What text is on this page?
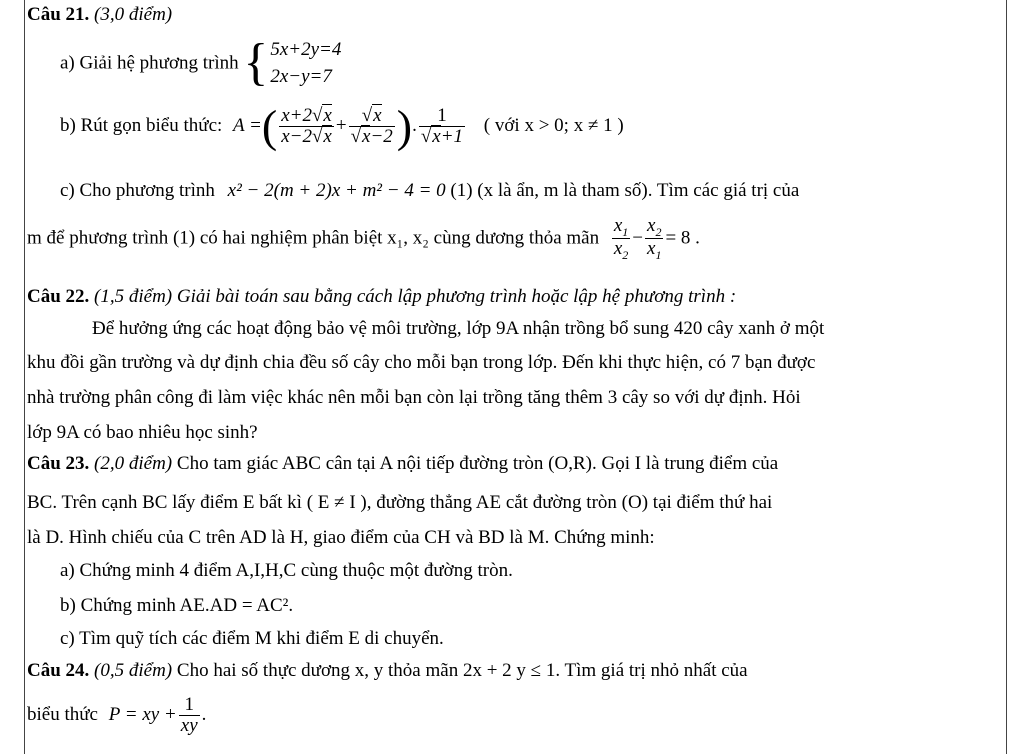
Câu 21. (3,0 điểm)
a) Giải hệ phương trình { 5x+2y=4
2x−y=7
b) Rút gọn biểu thức: A =( $\frac{x+2√x}{x-2√x} + \frac{√x}{√x-2}$ ). $\frac{1}{√x+1}$ ( với x > 0; x ≠ 1 )
c) Cho phương trình x² − 2(m + 2)x + m² − 4 = 0 (1) (x là ẩn, m là tham số). Tìm các giá trị của
m để phương trình (1) có hai nghiệm phân biệt x₁, x₂ cùng dương thỏa mãn $\frac{x_1}{x_2} - \frac{x_2}{x_1} = 8$ .
Câu 22. (1,5 điểm) Giải bài toán sau bằng cách lập phương trình hoặc lập hệ phương trình :
Để hưởng ứng các hoạt động bảo vệ môi trường, lớp 9A nhận trồng bổ sung 420 cây xanh ở một
khu đồi gần trường và dự định chia đều số cây cho mỗi bạn trong lớp. Đến khi thực hiện, có 7 bạn được
nhà trường phân công đi làm việc khác nên mỗi bạn còn lại trồng tăng thêm 3 cây so với dự định. Hỏi
lớp 9A có bao nhiêu học sinh?
Câu 23. (2,0 điểm) Cho tam giác ABC cân tại A nội tiếp đường tròn (O,R). Gọi I là trung điểm của
BC. Trên cạnh BC lấy điểm E bất kì ( E ≠ I ), đường thẳng AE cắt đường tròn (O) tại điểm thứ hai
là D. Hình chiếu của C trên AD là H, giao điểm của CH và BD là M. Chứng minh:
a) Chứng minh 4 điểm A,I,H,C cùng thuộc một đường tròn.
b) Chứng minh AE.AD = AC².
c) Tìm quỹ tích các điểm M khi điểm E di chuyển.
Câu 24. (0,5 điểm) Cho hai số thực dương x, y thỏa mãn 2x + 2 y ≤ 1. Tìm giá trị nhỏ nhất của
biểu thức P = xy + $\frac{1}{xy}$ .
